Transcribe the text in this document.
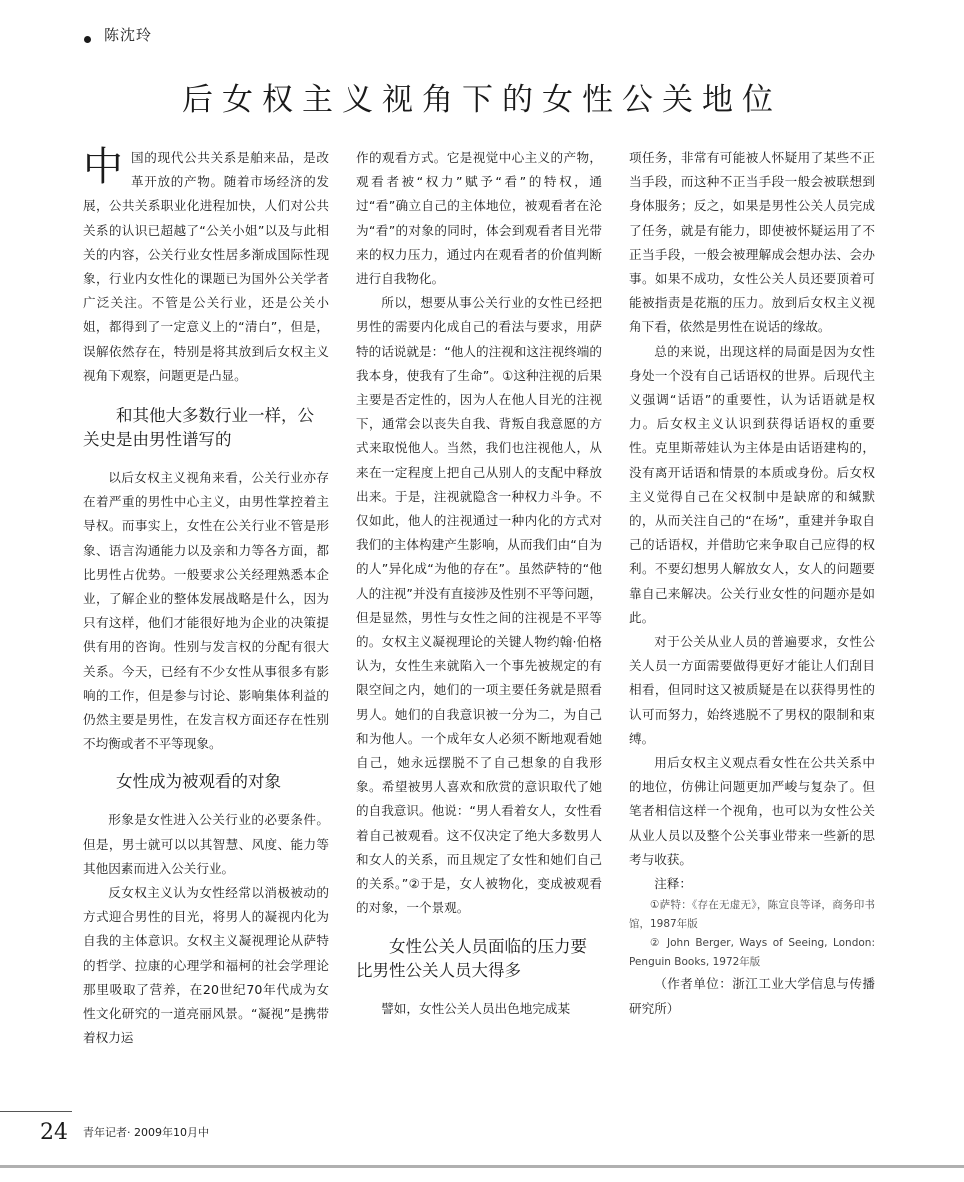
陈沈玲
后女权主义视角下的女性公关地位

中国的现代公共关系是舶来品，是改革开放的产物。随着市场经济的发展，公共关系职业化进程加快，人们对公共关系的认识已超越了“公关小姐”以及与此相关的内容，公关行业女性居多渐成国际性现象，行业内女性化的课题已为国外公关学者广泛关注。不管是公关行业，还是公关小姐，都得到了一定意义上的“清白”，但是，误解依然存在，特别是将其放到后女权主义视角下观察，问题更是凸显。

和其他大多数行业一样，公关史是由男性谱写的

以后女权主义视角来看，公关行业亦存在着严重的男性中心主义，由男性掌控着主导权。而事实上，女性在公关行业不管是形象、语言沟通能力以及亲和力等各方面，都比男性占优势。一般要求公关经理熟悉本企业，了解企业的整体发展战略是什么，因为只有这样，他们才能很好地为企业的决策提供有用的咨询。性别与发言权的分配有很大关系。今天，已经有不少女性从事很多有影响的工作，但是参与讨论、影响集体利益的仍然主要是男性，在发言权方面还存在性别不均衡或者不平等现象。

女性成为被观看的对象

形象是女性进入公关行业的必要条件。但是，男士就可以以其智慧、风度、能力等其他因素而进入公关行业。

反女权主义认为女性经常以消极被动的方式迎合男性的目光，将男人的凝视内化为自我的主体意识。女权主义凝视理论从萨特的哲学、拉康的心理学和福柯的社会学理论那里吸取了营养，在20世纪70年代成为女性文化研究的一道亮丽风景。“凝视”是携带着权力运

作的观看方式。它是视觉中心主义的产物，观看者被“权力”赋予“看”的特权，通过“看”确立自己的主体地位，被观看者在沦为“看”的对象的同时，体会到观看者目光带来的权力压力，通过内在观看者的价值判断进行自我物化。

所以，想要从事公关行业的女性已经把男性的需要内化成自己的看法与要求，用萨特的话说就是：“他人的注视和这注视终端的我本身，使我有了生命”。①这种注视的后果主要是否定性的，因为人在他人目光的注视下，通常会以丧失自我、背叛自我意愿的方式来取悦他人。当然，我们也注视他人，从来在一定程度上把自己从别人的支配中释放出来。于是，注视就隐含一种权力斗争。不仅如此，他人的注视通过一种内化的方式对我们的主体构建产生影响，从而我们由“自为的人”异化成“为他的存在”。虽然萨特的“他人的注视”并没有直接涉及性别不平等问题，但是显然，男性与女性之间的注视是不平等的。女权主义凝视理论的关键人物约翰·伯格认为，女性生来就陷入一个事先被规定的有限空间之内，她们的一项主要任务就是照看男人。她们的自我意识被一分为二，为自己和为他人。一个成年女人必须不断地观看她自己，她永远摆脱不了自己想象的自我形象。希望被男人喜欢和欣赏的意识取代了她的自我意识。他说：“男人看着女人，女性看着自己被观看。这不仅决定了绝大多数男人和女人的关系，而且规定了女性和她们自己的关系。”②于是，女人被物化，变成被观看的对象，一个景观。

女性公关人员面临的压力要比男性公关人员大得多

譬如，女性公关人员出色地完成某

项任务，非常有可能被人怀疑用了某些不正当手段，而这种不正当手段一般会被联想到身体服务；反之，如果是男性公关人员完成了任务，就是有能力，即使被怀疑运用了不正当手段，一般会被理解成会想办法、会办事。如果不成功，女性公关人员还要顶着可能被指责是花瓶的压力。放到后女权主义视角下看，依然是男性在说话的缘故。

总的来说，出现这样的局面是因为女性身处一个没有自己话语权的世界。后现代主义强调“话语”的重要性，认为话语就是权力。后女权主义认识到获得话语权的重要性。克里斯蒂娃认为主体是由话语建构的，没有离开话语和情景的本质或身份。后女权主义觉得自己在父权制中是缺席的和缄默的，从而关注自己的“在场”，重建并争取自己的话语权，并借助它来争取自己应得的权利。不要幻想男人解放女人，女人的问题要靠自己来解决。公关行业女性的问题亦是如此。

对于公关从业人员的普遍要求，女性公关人员一方面需要做得更好才能让人们刮目相看，但同时这又被质疑是在以获得男性的认可而努力，始终逃脱不了男权的限制和束缚。

用后女权主义观点看女性在公共关系中的地位，仿佛让问题更加严峻与复杂了。但笔者相信这样一个视角，也可以为女性公关从业人员以及整个公关事业带来一些新的思考与收获。

注释：

①萨特：《存在无虚无》，陈宣良等译，商务印书馆，1987年版

② John Berger, Ways of Seeing, London: Penguin Books, 1972年版

（作者单位：浙江工业大学信息与传播研究所）

24 青年记者· 2009年10月中
